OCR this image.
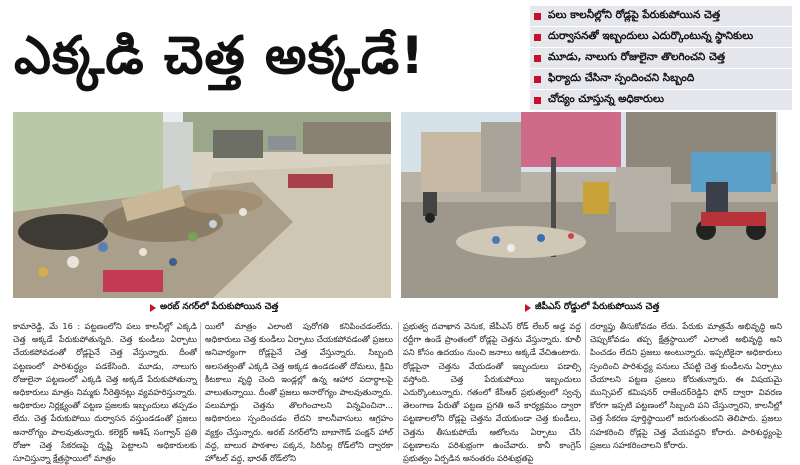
ఎక్కడి చెత్త అక్కడే!
పలు కాలనీల్లోని రోడ్లపై పేరుకుపోయిన చెత్త
దుర్వాసనతో ఇబ్బందులు ఎదుర్కొంటున్న స్థానికులు
మూడు, నాలుగు రోజులైనా తొలగించని చెత్త
ఫిర్యాదు చేసినా స్పందించని సిబ్బంది
చోద్యం చూస్తున్న అధికారులు
అరబ్ నగర్‌లో పేరుకుపోయిన చెత్త	జీపీఎస్ రోడ్డులో పేరుకుపోయిన చెత్త
కామారెడ్డి, మే 16 : పట్టణంలోని పలు కాలనీల్లో ఎక్కడి చెత్త అక్కడే పేరుకుపోతున్నది. చెత్త కుండీలు ఏర్పాటు చేయకపోవడంతో రోడ్లపైనే చెత్త వేస్తున్నారు. దీంతో పట్టణంలో పారిశుద్ధ్యం పడకేసింది. మూడు, నాలుగు రోజులైనా పట్టణంలో ఎక్కడి చెత్త అక్కడే పేరుకుపోతున్నా అధికారులు మాత్రం నిమ్మకు నీరెత్తినట్లు వ్యవహరిస్తున్నారు. అధికారుల నిర్లక్ష్యంతో పట్టణ ప్రజలకు ఇబ్బందులు తప్పడం లేదు. చెత్త పేరుకుపోయి దుర్వాసన వస్తుండడంతో ప్రజలు అనారోగ్యం పాలవుతున్నారు. కలెక్టర్ ఆశిష్ సంగ్వాన్ ప్రతి రోజూ చెత్త సేకరణపై దృష్టి పెట్టాలని అధికారులకు సూచిస్తున్నా క్షేత్రస్థాయిలో మాత్రం
యిలో మాత్రం ఎలాంటి పురోగతి కనిపించడంలేదు. అధికారులు చెత్త కుండీలు ఏర్పాటు చేయకపోవడంతో ప్రజలు అనివార్యంగా రోడ్లపైనే చెత్త వేస్తున్నారు. సిబ్బంది అలసత్వంతో ఎక్కడి చెత్త అక్కడ ఉండడంతో దోమలు, క్రిమి కీటకాలు వృద్ధి చెంది ఇండ్లల్లో ఉన్న ఆహార పదార్థాలపై వాలుతున్నాయి. దీంతో ప్రజలు అనారోగ్యం పాలవుతున్నారు. పలుమార్లు చెత్తను తొలగించాలని విన్నవించినా... అధికారులు స్పందించడం లేదని కాలనీవాసులు ఆగ్రహం వ్యక్తం చేస్తున్నారు. అరబ్ నగర్‌లోని బాబాగౌడ్ పంక్షన్ హాల్ వద్ద, బాలుర పాఠశాల పక్కన, సిరిసిల్ల రోడ్‌లోని ద్వారకా హోటల్ వద్ద, భారత్ రోడ్‌లోని
ప్రభుత్వ దవాఖాన వెనుక, జేపీఎస్ రోడ్ లేబర్ అడ్డ వద్ద రద్దీగా ఉండే ప్రాంతంలో రోడ్లపై చెత్తను వేస్తున్నారు. కూలీ పని కోసం ఉదయం నుంచి జనాలు అక్కడే వేచిఉంటారు. రోడ్లపైనా చెత్తను వేయడంతో ఇబ్బందులు పడాల్సి వస్తోంది. చెత్త పేరుకుపోయి ఇబ్బందులు ఎదుర్కొంటున్నారు. గతంలో కేసీఆర్ ప్రభుత్వంలో స్వచ్ఛ తెలంగాణ పేరుతో పట్టణ ప్రగతి అనే కార్యక్రమం ద్వారా పట్టణాలలోని రోడ్లపై చెత్తను వేయకుండా చెత్త కుండీలు, చెత్తను తీసుకుపోయే ఆటోలను ఏర్పాటు చేసి పట్టణాలను పరిశుభ్రంగా ఉంచేవారు. కానీ కాంగ్రెస్ ప్రభుత్వం ఏర్పడిన అనంతరం పరిశుభ్రతపై
దర్యాప్తు తీసుకోవడం లేదు. పేరుకు మాత్రమే అభివృద్ధి అని చెప్పుకోవడం తప్ప క్షేత్రస్థాయిలో ఎలాంటి అభివృద్ధి అని పించడం లేదని ప్రజలు అంటున్నారు. ఇప్పటికైనా అధికారులు స్పందించి పారిశుద్ధ్య పనులు చేపట్టి చెత్త కుండీలను ఏర్పాటు చేయాలని పట్టణ ప్రజలు కోరుతున్నారు. ఈ విషయమై మున్సిపల్ కమిషనర్ రాజేందర్‌రెడ్డిని ఫోన్ ద్వారా వివరణ కోరగా ఇప్పటి పట్టణంలో సిబ్బంది పని చేస్తున్నారని, కాలనీల్లో చెత్త సేకరణ పూర్తిస్థాయిలో జరుగుతుందని తెలిపారు. ప్రజలు సహకరించి రోడ్లపై చెత్త వేయవద్దని కోరారు. పారిశుద్ధ్యంపై ప్రజలు సహకరించాలని కోరారు.
